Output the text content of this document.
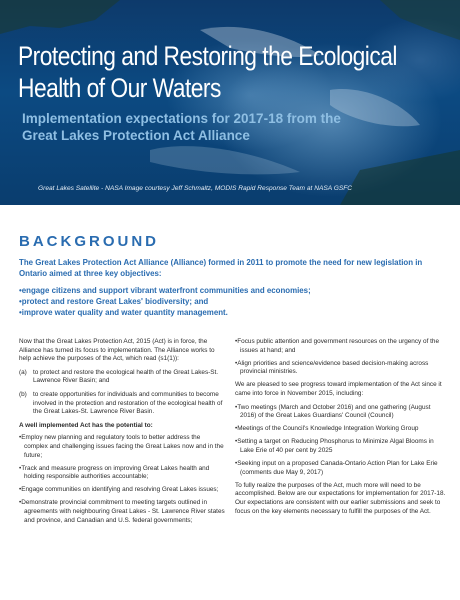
Protecting and Restoring the Ecological Health of Our Waters
Implementation expectations for 2017-18 from the Great Lakes Protection Act Alliance
Great Lakes Satellite - NASA Image courtesy Jeff Schmaltz, MODIS Rapid Response Team at NASA GSFC
BACKGROUND

The Great Lakes Protection Act Alliance (Alliance) formed in 2011 to promote the need for new legislation in Ontario aimed at three key objectives:

•engage citizens and support vibrant waterfront communities and economies;
•protect and restore Great Lakes' biodiversity; and
•improve water quality and water quantity management.

Now that the Great Lakes Protection Act, 2015 (Act) is in force, the Alliance has turned its focus to implementation. The Alliance works to help achieve the purposes of the Act, which read (s1(1)):

(a) to protect and restore the ecological health of the Great Lakes-St. Lawrence River Basin; and
(b) to create opportunities for individuals and communities to become involved in the protection and restoration of the ecological health of the Great Lakes-St. Lawrence River Basin.

A well implemented Act has the potential to:

•Employ new planning and regulatory tools to better address the complex and challenging issues facing the Great Lakes now and in the future;
•Track and measure progress on improving Great Lakes health and holding responsible authorities accountable;
•Engage communities on identifying and resolving Great Lakes issues;
•Demonstrate provincial commitment to meeting targets outlined in agreements with neighbouring Great Lakes - St. Lawrence River states and province, and Canadian and U.S. federal governments;
•Focus public attention and government resources on the urgency of the issues at hand; and
•Align priorities and science/evidence based decision-making across provincial ministries.

We are pleased to see progress toward implementation of the Act since it came into force in November 2015, including:

•Two meetings (March and October 2016) and one gathering (August 2016) of the Great Lakes Guardians' Council (Council)
•Meetings of the Council's Knowledge Integration Working Group
•Setting a target on Reducing Phosphorus to Minimize Algal Blooms in Lake Erie of 40 per cent by 2025
•Seeking input on a proposed Canada-Ontario Action Plan for Lake Erie (comments due May 9, 2017)

To fully realize the purposes of the Act, much more will need to be accomplished. Below are our expectations for implementation for 2017-18. Our expectations are consistent with our earlier submissions and seek to focus on the key elements necessary to fulfill the purposes of the Act.
